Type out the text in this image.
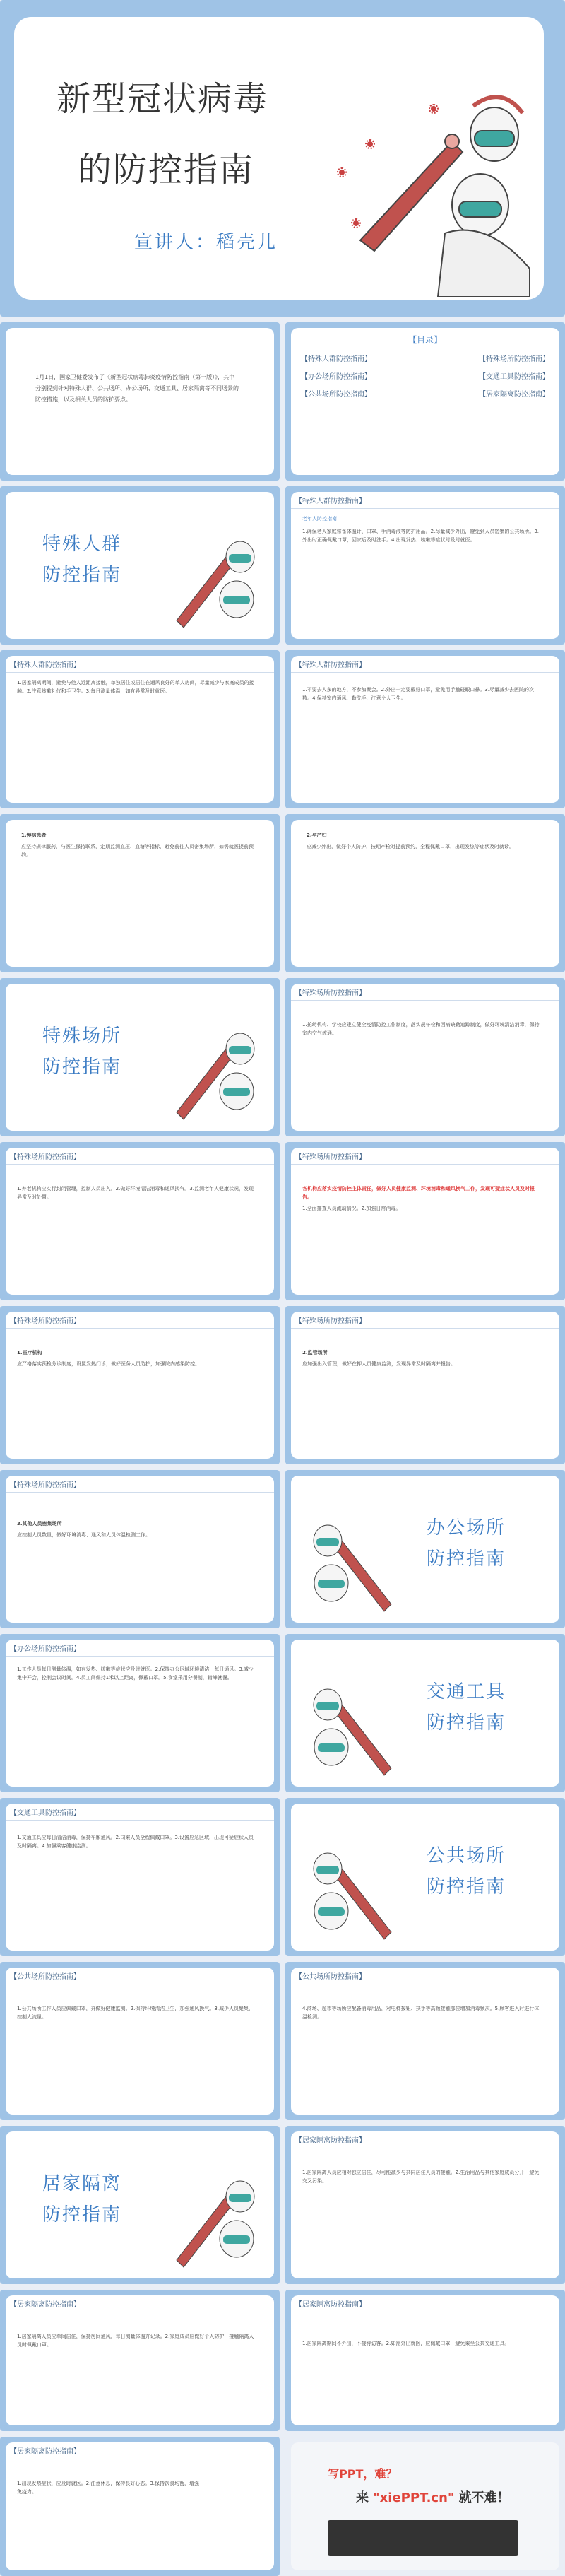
新型冠状病毒
的防控指南
宣讲人：稻壳儿
1月1日，国家卫健委发布了《新型冠状病毒肺炎疫情防控指南（第一版）》，其中分别提到针对特殊人群、公共场所、办公场所、交通工具、居家隔离等不同场景的防控措施，以及相关人员的防护要点。
【目录】
【特殊人群防控指南】	【特殊场所防控指南】
【办公场所防控指南】	【交通工具防控指南】
【公共场所防控指南】	【居家隔离防控指南】
特殊人群防控指南
【特殊人群防控指南】
老年人防控指南

1.确保老人家庭常备体温计、口罩、手消毒液等防护用品。2.尽量减少外出，避免到人员密集的公共场所。3.外出时正确佩戴口罩，回家后及时洗手。4.出现发热、咳嗽等症状时及时就医。

【特殊人群防控指南】

1.居家隔离期间，避免与他人近距离接触，单独居住或居住在通风良好的单人房间，尽量减少与家庭成员的接触。2.注意咳嗽礼仪和手卫生。3.每日测量体温，如有异常及时就医。

【特殊人群防控指南】

1.不要去人多的地方，不参加聚会。2.外出一定要戴好口罩，避免用手触碰眼口鼻。3.尽量减少去医院的次数。4.保持室内通风，勤洗手，注意个人卫生。

1.慢病患者

应坚持规律服药，与医生保持联系，定期监测血压、血糖等指标，避免前往人员密集场所，如需就医提前预约。

2.孕产妇

应减少外出，做好个人防护，按期产检时提前预约，全程佩戴口罩，出现发热等症状及时就诊。

特殊场所防控指南
【特殊场所防控指南】

1.托幼机构、学校应建立健全疫情防控工作制度，落实晨午检和因病缺勤追踪制度，做好环境清洁消毒，保持室内空气流通。

【特殊场所防控指南】

1.养老机构应实行封闭管理，控制人员出入。2.做好环境清洁消毒和通风换气。3.监测老年人健康状况，发现异常及时处置。

【特殊场所防控指南】

各机构应落实疫情防控主体责任，做好人员健康监测、环境消毒和通风换气工作，发现可疑症状人员及时报告。

1.全面排查人员流动情况。2.加强日常消毒。

【特殊场所防控指南】

1.医疗机构

应严格落实预检分诊制度，设置发热门诊，做好医务人员防护，加强院内感染防控。

【特殊场所防控指南】

2.监管场所

应加强出入管理，做好在押人员健康监测，发现异常及时隔离并报告。

【特殊场所防控指南】

3.其他人员密集场所

应控制人员数量，做好环境消毒、通风和人员体温检测工作。	办公场所防控指南
【办公场所防控指南】

1.工作人员每日测量体温，如有发热、咳嗽等症状应及时就医。2.保持办公区域环境清洁，每日通风。3.减少集中开会，控制会议时间。4.员工间保持1米以上距离，佩戴口罩。5.食堂采用分餐制，错峰就餐。

交通工具防控指南
【交通工具防控指南】

1.交通工具应每日清洁消毒，保持车厢通风。2.司乘人员全程佩戴口罩。3.设置应急区域，出现可疑症状人员及时隔离。4.加强乘客健康监测。	公共场所防控指南
【公共场所防控指南】

1.公共场所工作人员应佩戴口罩，并做好健康监测。2.保持环境清洁卫生，加强通风换气。3.减少人员聚集，控制人流量。

【公共场所防控指南】

4.商场、超市等场所应配备消毒用品，对电梯按钮、扶手等高频接触部位增加消毒频次。5.顾客进入时进行体温检测。

居家隔离防控指南
【居家隔离防控指南】

1.居家隔离人员应相对独立居住，尽可能减少与共同居住人员的接触。2.生活用品与其他家庭成员分开，避免交叉污染。

【居家隔离防控指南】

1.居家隔离人员应单间居住，保持房间通风，每日测量体温并记录。2.家庭成员应做好个人防护，接触隔离人员时佩戴口罩。

【居家隔离防控指南】

1.居家隔离期间不外出，不接待访客。2.如需外出就医，应佩戴口罩，避免乘坐公共交通工具。

【居家隔离防控指南】

1.出现发热症状，应及时就医。2.注意休息，保持良好心态。3.保持饮食均衡，增强免疫力。

写PPT，难？
来 "xiePPT.cn" 就不难！
